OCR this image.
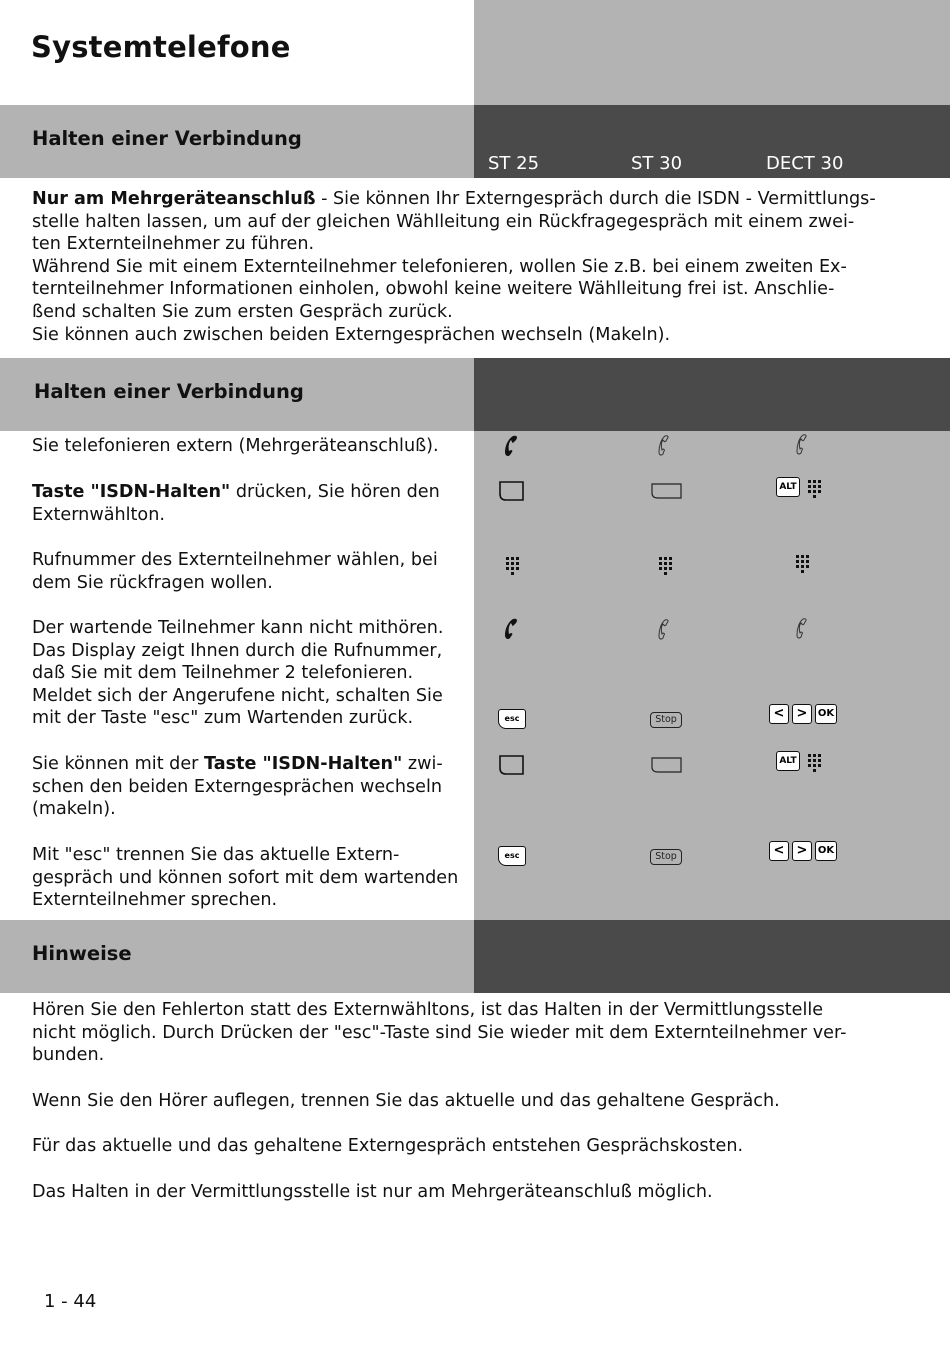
Systemtelefone
Halten einer Verbindung
ST 25	ST 30	DECT 30
Nur am Mehrgeräteanschluß - Sie können Ihr Externgespräch durch die ISDN - Vermittlungs-
stelle halten lassen, um auf der gleichen Wählleitung ein Rückfragegespräch mit einem zwei-
ten Externteilnehmer zu führen.
Während Sie mit einem Externteilnehmer telefonieren, wollen Sie z.B. bei einem zweiten Ex-
ternteilnehmer Informationen einholen, obwohl keine weitere Wählleitung frei ist. Anschlie-
ßend schalten Sie zum ersten Gespräch zurück.
Sie können auch zwischen beiden Externgesprächen wechseln (Makeln).
Halten einer Verbindung
Sie telefonieren extern (Mehrgeräteanschluß).
Taste "ISDN-Halten" drücken, Sie hören den
Externwählton.
Rufnummer des Externteilnehmer wählen, bei
dem Sie rückfragen wollen.
Der wartende Teilnehmer kann nicht mithören.
Das Display zeigt Ihnen durch die Rufnummer,
daß Sie mit dem Teilnehmer 2 telefonieren.
Meldet sich der Angerufene nicht, schalten Sie
mit der Taste "esc" zum Wartenden zurück.
Sie können mit der Taste "ISDN-Halten" zwi-
schen den beiden Externgesprächen wechseln
(makeln).
Mit "esc" trennen Sie das aktuelle Extern-
gespräch und können sofort mit dem wartenden
Externteilnehmer sprechen.
ALT
esc	Stop	< >	OK
ALT
esc	Stop	< >	OK
Hinweise
Hören Sie den Fehlerton statt des Externwähltons, ist das Halten in der Vermittlungsstelle
nicht möglich. Durch Drücken der "esc"-Taste sind Sie wieder mit dem Externteilnehmer ver-
bunden.
Wenn Sie den Hörer auflegen, trennen Sie das aktuelle und das gehaltene Gespräch.
Für das aktuelle und das gehaltene Externgespräch entstehen Gesprächskosten.
Das Halten in der Vermittlungsstelle ist nur am Mehrgeräteanschluß möglich.
1 - 44
